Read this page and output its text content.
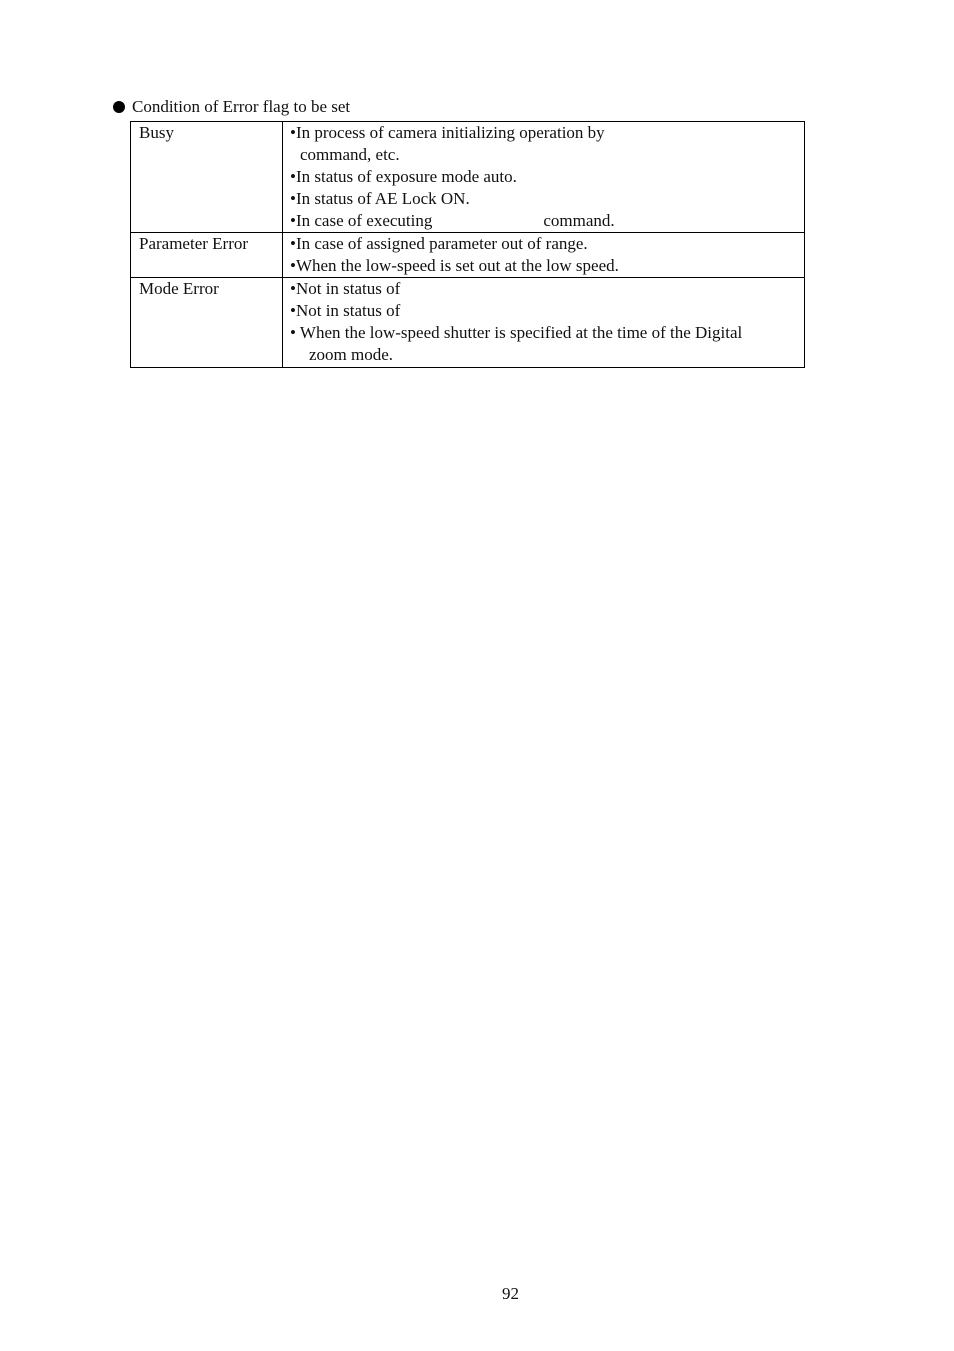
Condition of Error flag to be set
Busy	•In process of camera initializing operation by
command, etc.
•In status of exposure mode auto.
•In status of AE Lock ON.
•In case of executing command.

Parameter Error	•In case of assigned parameter out of range.
•When the low-speed is set out at the low speed.

Mode Error	•Not in status of
•Not in status of
• When the low-speed shutter is specified at the time of the Digital
zoom mode.
92
